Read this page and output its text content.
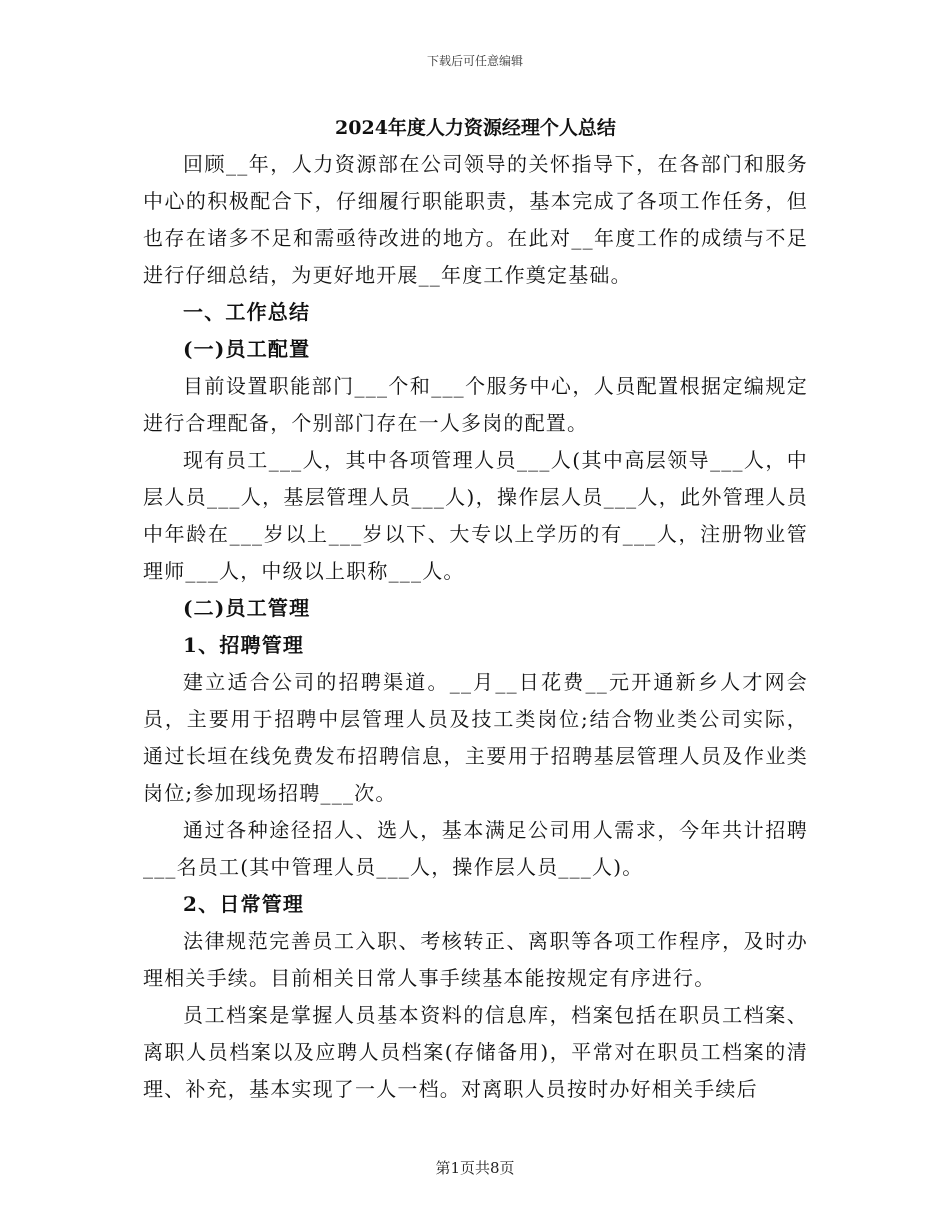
下载后可任意编辑

2024年度人力资源经理个人总结

回顾__年，人力资源部在公司领导的关怀指导下，在各部门和服务中心的积极配合下，仔细履行职能职责，基本完成了各项工作任务，但也存在诸多不足和需亟待改进的地方。在此对__年度工作的成绩与不足进行仔细总结，为更好地开展__年度工作奠定基础。

一、工作总结

(一)员工配置

目前设置职能部门___个和___个服务中心，人员配置根据定编规定进行合理配备，个别部门存在一人多岗的配置。

现有员工___人，其中各项管理人员___人(其中高层领导___人，中层人员___人，基层管理人员___人)，操作层人员___人，此外管理人员中年龄在___岁以上___岁以下、大专以上学历的有___人，注册物业管理师___人，中级以上职称___人。

(二)员工管理

1、招聘管理

建立适合公司的招聘渠道。__月__日花费__元开通新乡人才网会员，主要用于招聘中层管理人员及技工类岗位;结合物业类公司实际，通过长垣在线免费发布招聘信息，主要用于招聘基层管理人员及作业类岗位;参加现场招聘___次。

通过各种途径招人、选人，基本满足公司用人需求，今年共计招聘___名员工(其中管理人员___人，操作层人员___人)。

2、日常管理

法律规范完善员工入职、考核转正、离职等各项工作程序，及时办理相关手续。目前相关日常人事手续基本能按规定有序进行。

员工档案是掌握人员基本资料的信息库，档案包括在职员工档案、离职人员档案以及应聘人员档案(存储备用)，平常对在职员工档案的清理、补充，基本实现了一人一档。对离职人员按时办好相关手续后

第1页共8页
